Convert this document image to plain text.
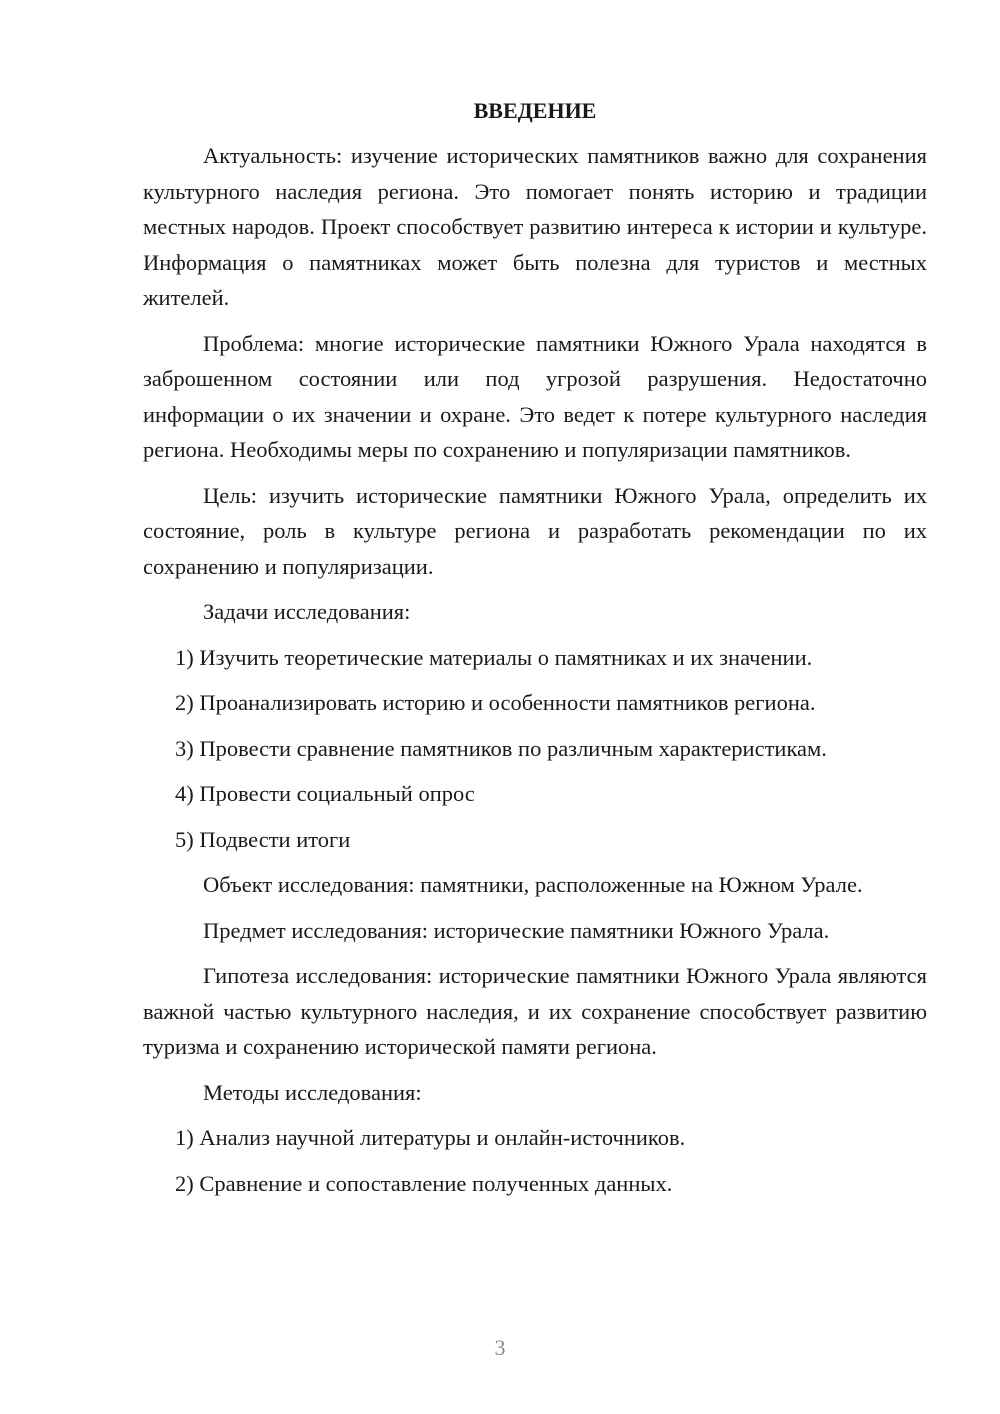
ВВЕДЕНИЕ

Актуальность: изучение исторических памятников важно для сохранения культурного наследия региона. Это помогает понять историю и традиции местных народов. Проект способствует развитию интереса к истории и культуре. Информация о памятниках может быть полезна для туристов и местных жителей.

Проблема: многие исторические памятники Южного Урала находятся в заброшенном состоянии или под угрозой разрушения. Недостаточно информации о их значении и охране. Это ведет к потере культурного наследия региона. Необходимы меры по сохранению и популяризации памятников.

Цель: изучить исторические памятники Южного Урала, определить их состояние, роль в культуре региона и разработать рекомендации по их сохранению и популяризации.

Задачи исследования:

1) Изучить теоретические материалы о памятниках и их значении.

2) Проанализировать историю и особенности памятников региона.

3) Провести сравнение памятников по различным характеристикам.

4) Провести социальный опрос

5) Подвести итоги

Объект исследования: памятники, расположенные на Южном Урале.

Предмет исследования: исторические памятники Южного Урала.

Гипотеза исследования: исторические памятники Южного Урала являются важной частью культурного наследия, и их сохранение способствует развитию туризма и сохранению исторической памяти региона.

Методы исследования:

1) Анализ научной литературы и онлайн-источников.

2) Сравнение и сопоставление полученных данных.

3
